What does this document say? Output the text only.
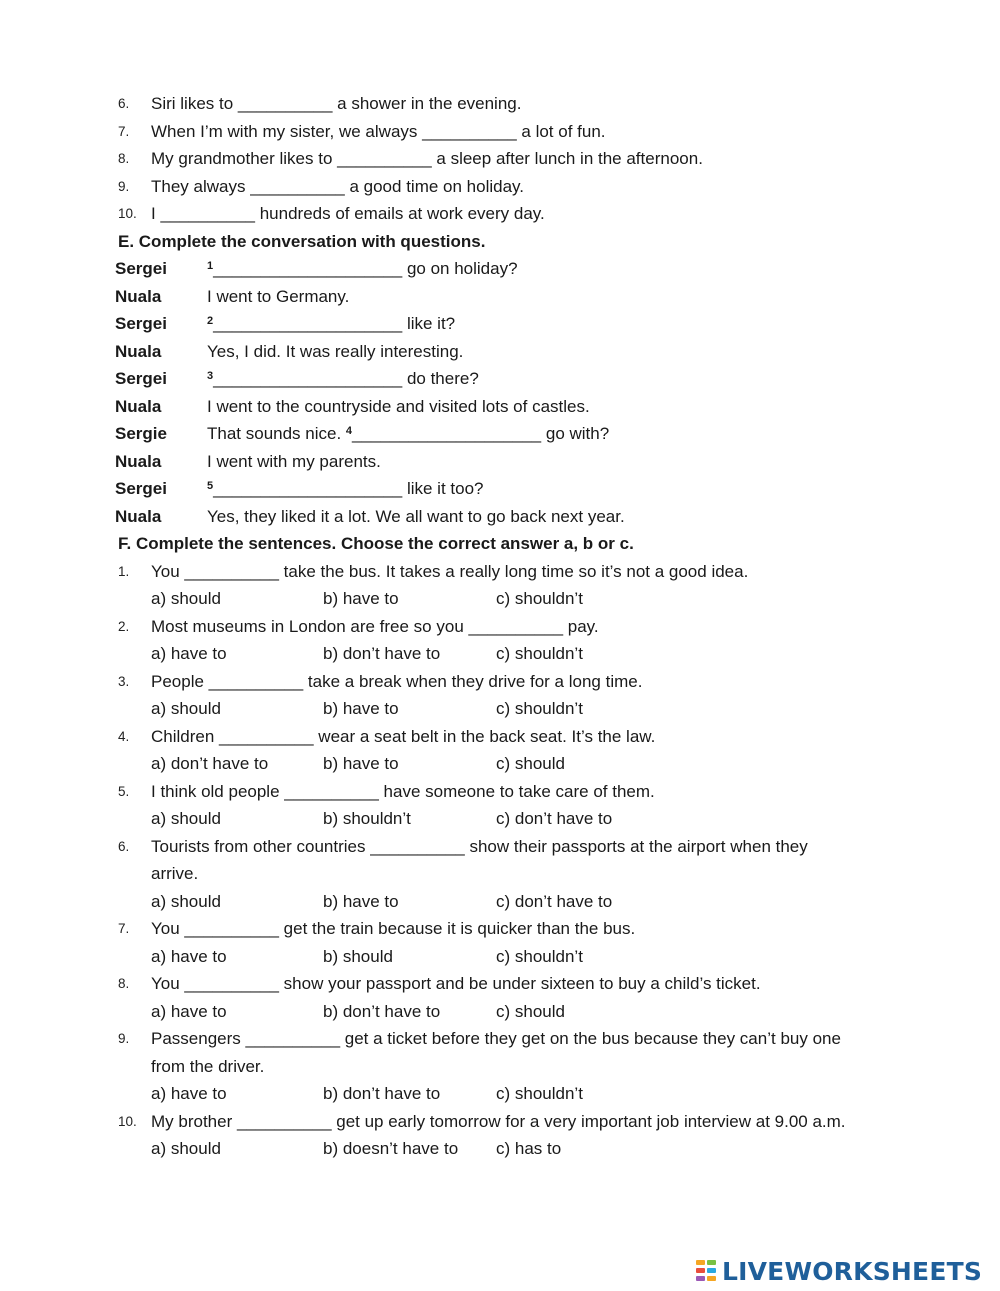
6.	Siri likes to __________ a shower in the evening.
7.	When I’m with my sister, we always __________ a lot of fun.
8.	My grandmother likes to __________ a sleep after lunch in the afternoon.
9.	They always __________ a good time on holiday.
10. I __________ hundreds of emails at work every day.
E. Complete the conversation with questions.
Sergei	$^1$____________________ go on holiday?
Nuala	I went to Germany.
Sergei	$^2$____________________ like it?
Nuala	Yes, I did. It was really interesting.
Sergei	$^3$____________________ do there?
Nuala	I went to the countryside and visited lots of castles.
Sergie That sounds nice. $^4$____________________ go with?
Nuala	I went with my parents.
Sergei	$^5$____________________ like it too?
Nuala	Yes, they liked it a lot. We all want to go back next year.
F. Complete the sentences. Choose the correct answer a, b or c.
1.	You __________ take the bus. It takes a really long time so it’s not a good idea.
a) should	b) have to	c) shouldn’t
2.	Most museums in London are free so you __________ pay.
a) have to	b) don’t have to	c) shouldn’t
3.	People __________ take a break when they drive for a long time.
a) should	b) have to	c) shouldn’t
4.	Children __________ wear a seat belt in the back seat. It’s the law.
a) don’t have to	b) have to	c) should
5.	I think old people __________ have someone to take care of them.
a) should	b) shouldn’t	c) don’t have to
6.	Tourists from other countries __________ show their passports at the airport when they
arrive.
a) should	b) have to	c) don’t have to
7.	You __________ get the train because it is quicker than the bus.
a) have to	b) should	c) shouldn’t
8.	You __________ show your passport and be under sixteen to buy a child’s ticket.
a) have to	b) don’t have to	c) should
9.	Passengers __________ get a ticket before they get on the bus because they can’t buy one
from the driver.
a) have to	b) don’t have to	c) shouldn’t
10. My brother __________ get up early tomorrow for a very important job interview at 9.00 a.m.
a) should	b) doesn’t have to c) has to
LIVEWORKSHEETS
